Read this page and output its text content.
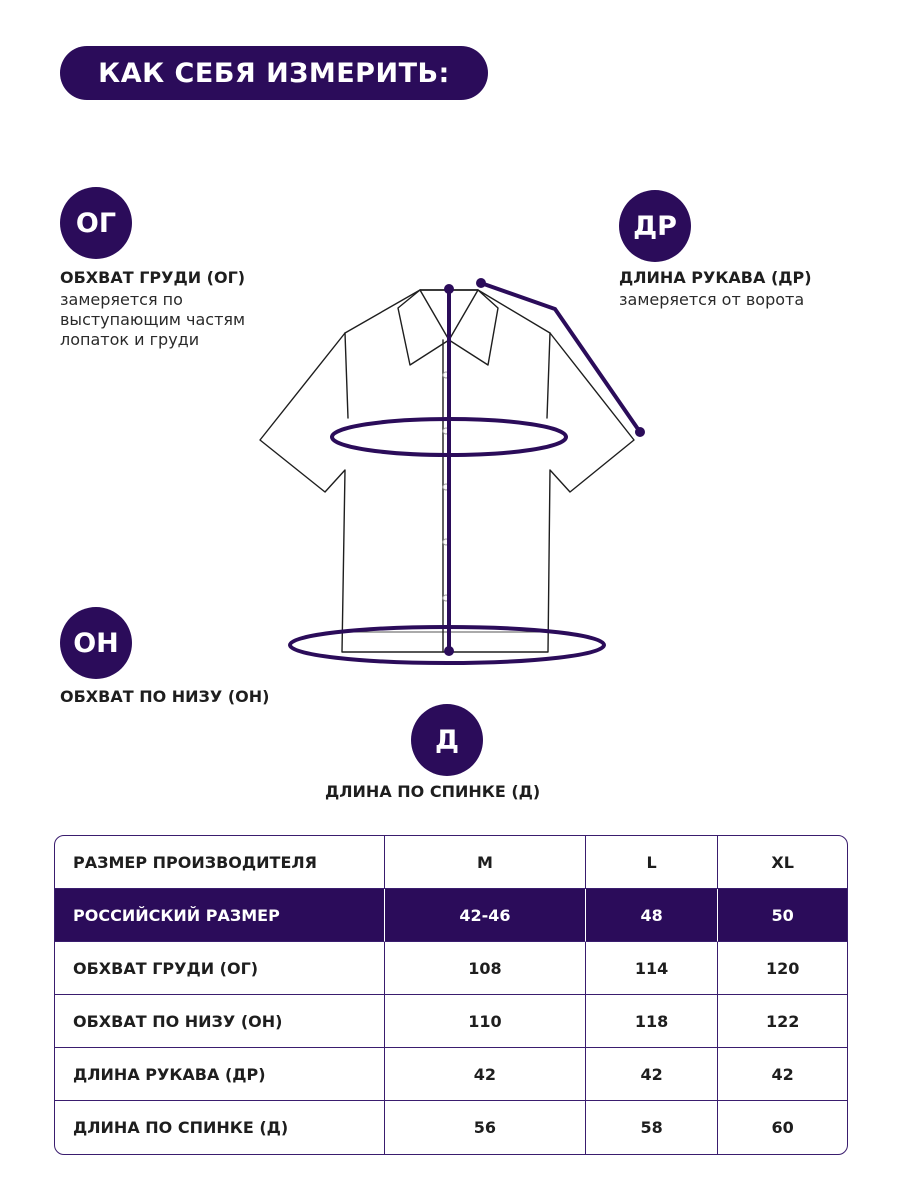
КАК СЕБЯ ИЗМЕРИТЬ:
ОГ
ОБХВАТ ГРУДИ (ОГ)
замеряется по
выступающим частям
лопаток и груди
ДР
ДЛИНА РУКАВА (ДР)
замеряется от ворота
ОН
ОБХВАТ ПО НИЗУ (ОН)
Д
ДЛИНА ПО СПИНКЕ (Д)
РАЗМЕР ПРОИЗВОДИТЕЛЯ	M	L	XL
РОССИЙСКИЙ РАЗМЕР	42-46	48	50
ОБХВАТ ГРУДИ (ОГ)	108	114	120
ОБХВАТ ПО НИЗУ (ОН)	110	118	122
ДЛИНА РУКАВА (ДР)	42	42	42
ДЛИНА ПО СПИНКЕ (Д)	56	58	60
